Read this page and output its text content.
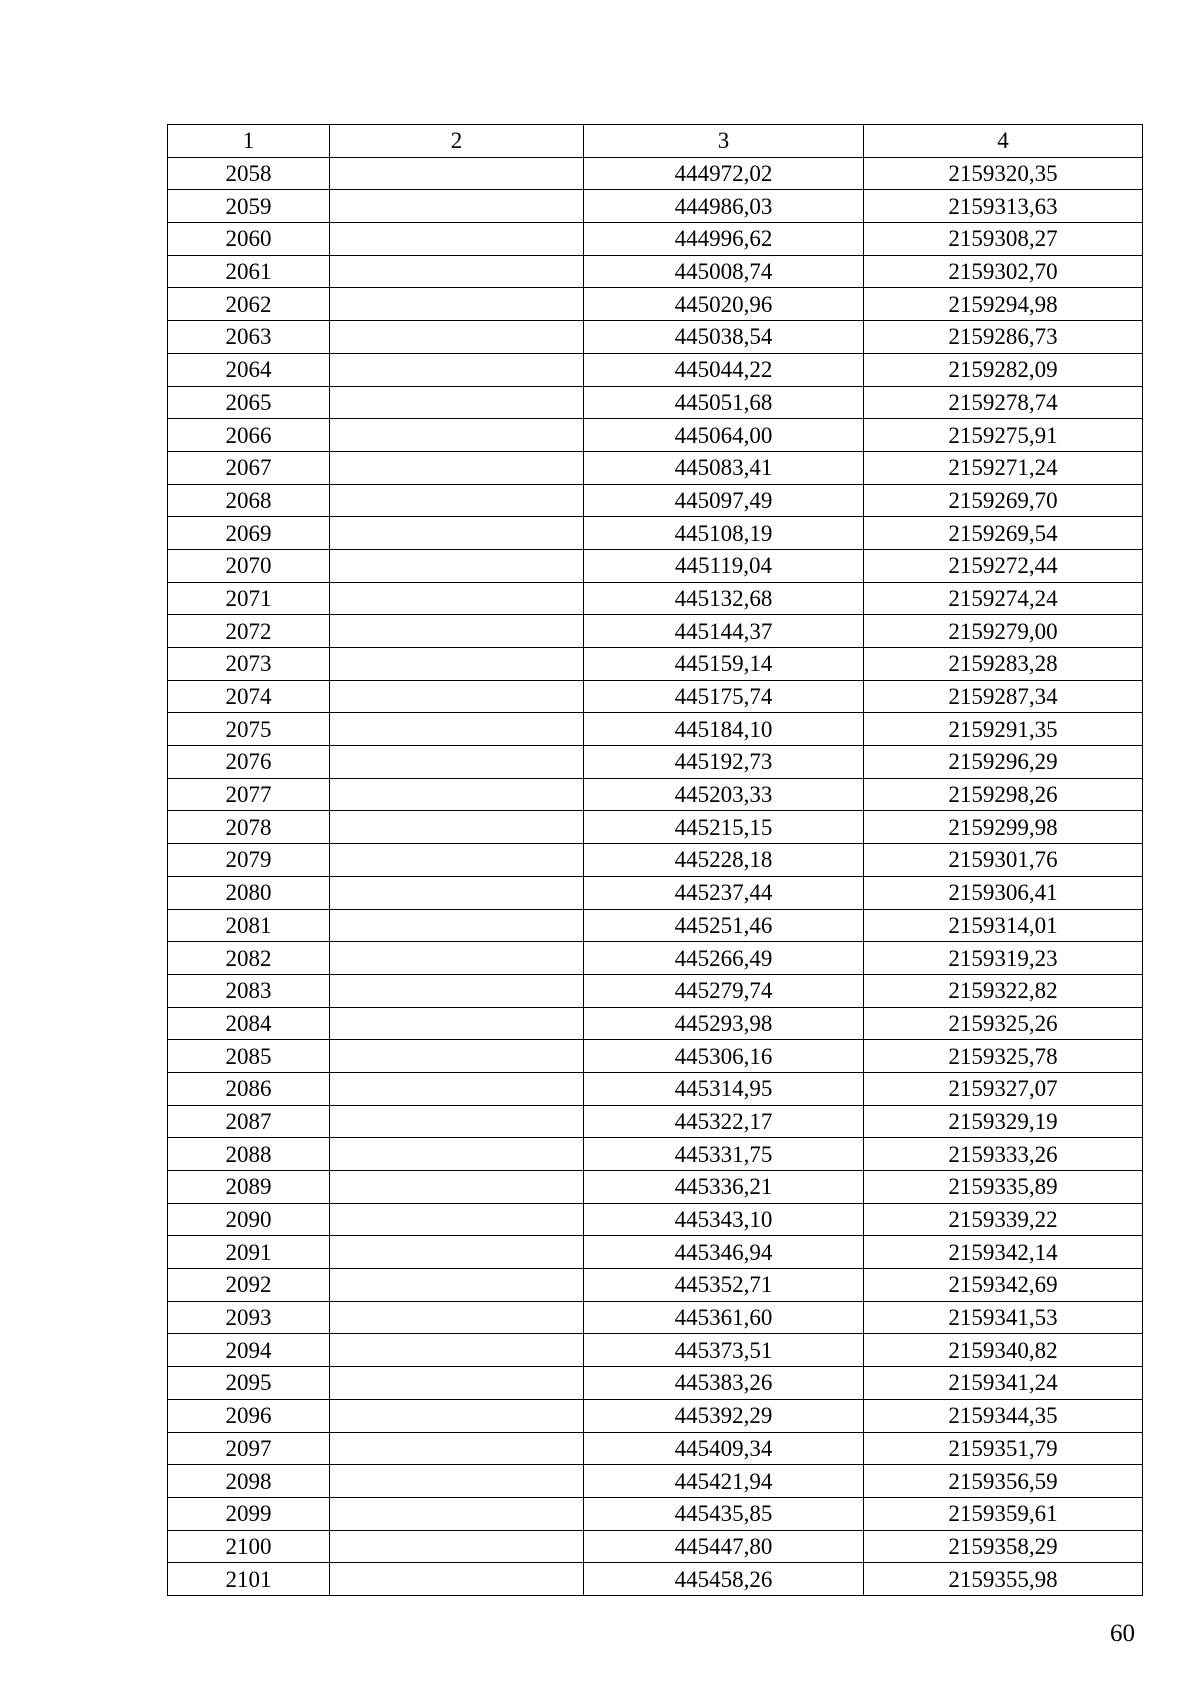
1	2	3	4
2058		444972,02	2159320,35
2059		444986,03	2159313,63
2060		444996,62	2159308,27
2061		445008,74	2159302,70
2062		445020,96	2159294,98
2063		445038,54	2159286,73
2064		445044,22	2159282,09
2065		445051,68	2159278,74
2066		445064,00	2159275,91
2067		445083,41	2159271,24
2068		445097,49	2159269,70
2069		445108,19	2159269,54
2070		445119,04	2159272,44
2071		445132,68	2159274,24
2072		445144,37	2159279,00
2073		445159,14	2159283,28
2074		445175,74	2159287,34
2075		445184,10	2159291,35
2076		445192,73	2159296,29
2077		445203,33	2159298,26
2078		445215,15	2159299,98
2079		445228,18	2159301,76
2080		445237,44	2159306,41
2081		445251,46	2159314,01
2082		445266,49	2159319,23
2083		445279,74	2159322,82
2084		445293,98	2159325,26
2085		445306,16	2159325,78
2086		445314,95	2159327,07
2087		445322,17	2159329,19
2088		445331,75	2159333,26
2089		445336,21	2159335,89
2090		445343,10	2159339,22
2091		445346,94	2159342,14
2092		445352,71	2159342,69
2093		445361,60	2159341,53
2094		445373,51	2159340,82
2095		445383,26	2159341,24
2096		445392,29	2159344,35
2097		445409,34	2159351,79
2098		445421,94	2159356,59
2099		445435,85	2159359,61
2100		445447,80	2159358,29
2101		445458,26	2159355,98
60
